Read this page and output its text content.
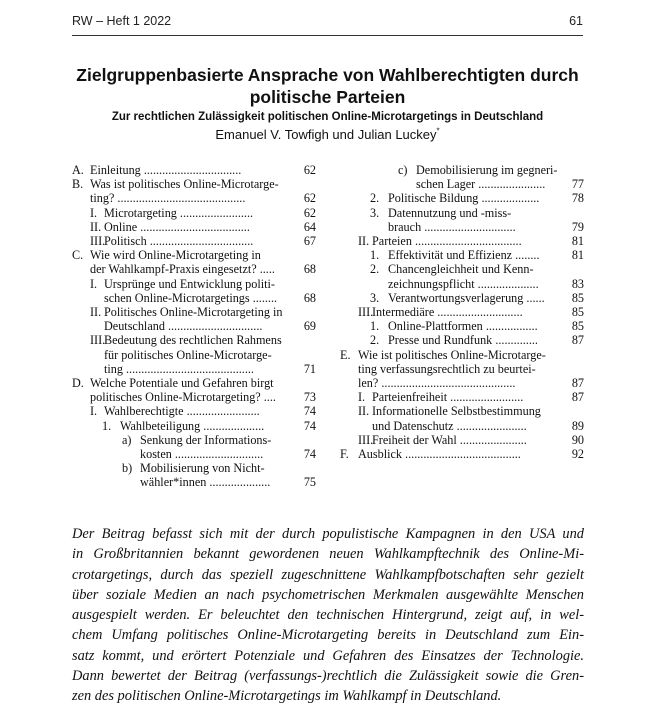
RW – Heft 1 2022	61
Zielgruppenbasierte Ansprache von Wahlberechtigten durch
politische Parteien
Zur rechtlichen Zulässigkeit politischen Online-Microtargetings in Deutschland
Emanuel V. Towfigh und Julian Luckey*
A. Einleitung ................................	62
B. Was ist politisches Online-Microtarge-
ting? ..........................................	62
I. Microtargeting ........................	62
II. Online ....................................	64
III.
Politisch ..................................	67
C. Wie wird Online-Microtargeting in
der Wahlkampf-Praxis eingesetzt? .....	68
I. Ursprünge und Entwicklung politi-
schen Online-Microtargetings ........	68
II. Politisches Online-Microtargeting in
Deutschland ...............................	69
III.
Bedeutung des rechtlichen Rahmens
für politisches Online-Microtarge-
ting ..........................................	71
D. Welche Potentiale und Gefahren birgt
politisches Online-Microtargeting? ....	73
I. Wahlberechtigte ........................	74
1. Wahlbeteiligung ....................	74
a) Senkung der Informations-
kosten .............................	74
b) Mobilisierung von Nicht-
wähler*innen ....................	75
c) Demobilisierung im gegneri-
schen Lager ......................	77
2. Politische Bildung ...................	78
3. Datennutzung und -miss-
brauch ..............................	79
II. Parteien ...................................	81
1. Effektivität und Effizienz ........	81
2. Chancengleichheit und Kenn-
zeichnungspflicht ....................	83
3. Verantwortungsverlagerung ......	85
III.
Intermediäre ............................	85
1. Online-Plattformen .................	85
2. Presse und Rundfunk ..............	87
E. Wie ist politisches Online-Microtarge-
ting verfassungsrechtlich zu beurtei-
len? ............................................	87
I. Parteienfreiheit ........................	87
II. Informationelle Selbstbestimmung
und Datenschutz .......................	89
III.
Freiheit der Wahl ......................	90
F. Ausblick ......................................	92
Der Beitrag befasst sich mit der durch populistische Kampagnen in den USA und
in Großbritannien bekannt gewordenen neuen Wahlkampftechnik des Online-Mi-
crotargetings, durch das speziell zugeschnittene Wahlkampfbotschaften sehr gezielt
über soziale Medien an nach psychometrischen Merkmalen ausgewählte Menschen
ausgespielt werden. Er beleuchtet den technischen Hintergrund, zeigt auf, in wel-
chem Umfang politisches Online-Microtargeting bereits in Deutschland zum Ein-
satz kommt, und erörtert Potenziale und Gefahren des Einsatzes der Technologie.
Dann bewertet der Beitrag (verfassungs-)rechtlich die Zulässigkeit sowie die Gren-
zen des politischen Online-Microtargetings im Wahlkampf in Deutschland.
